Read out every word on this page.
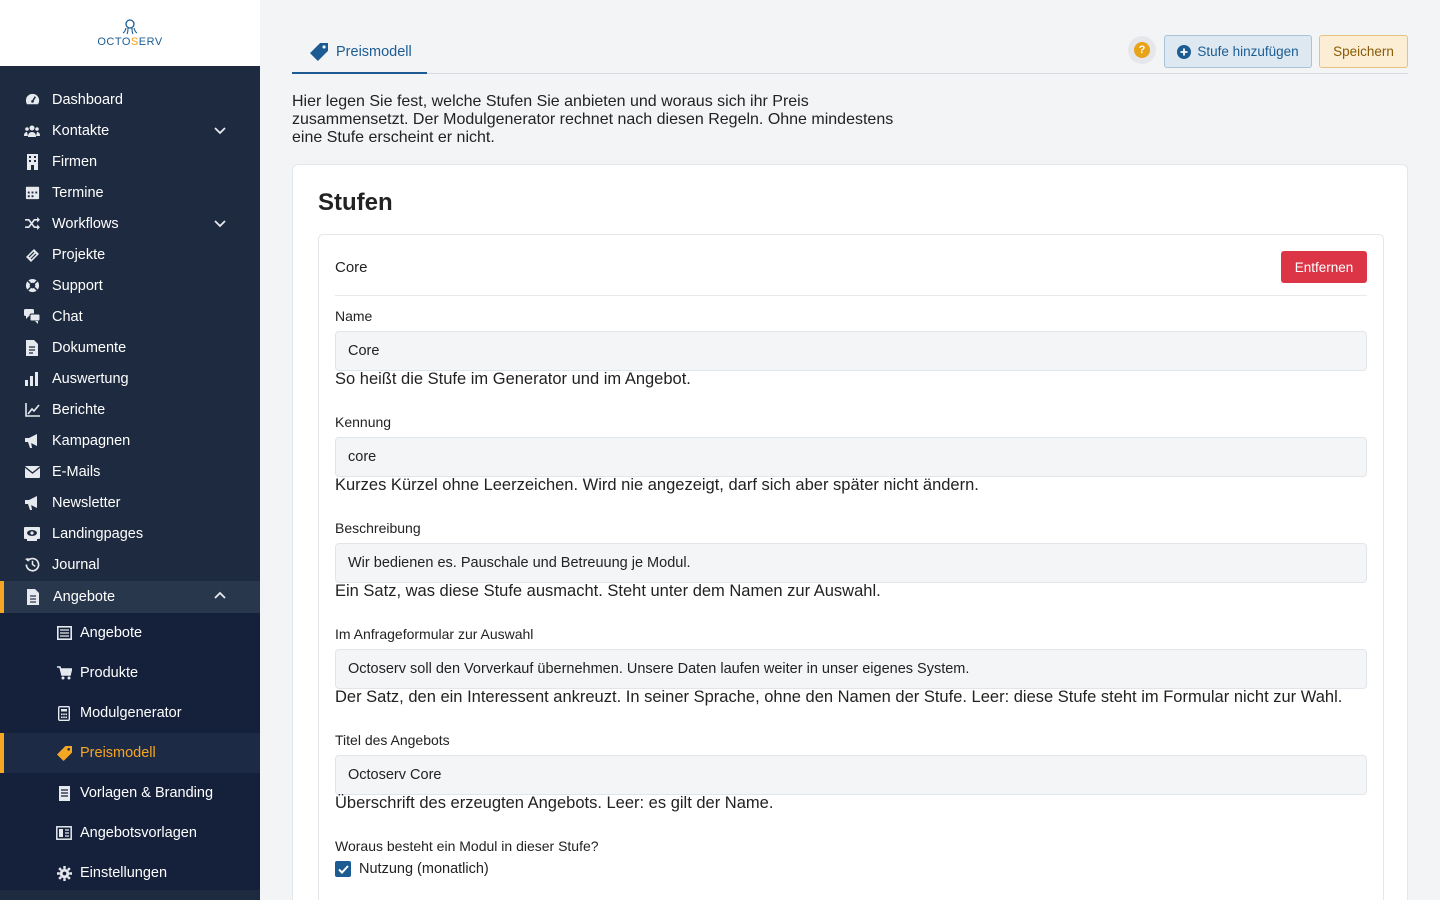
OCTOSERV
Dashboard
Kontakte
Firmen
Termine
Workflows
Projekte
Support
Chat
Dokumente
Auswertung
Berichte
Kampagnen
E-Mails
Newsletter
Landingpages
Journal
Angebote
Angebote
Produkte
Modulgenerator
Preismodell
Vorlagen & Branding
Angebotsvorlagen
Einstellungen
Preismodell	?	Stufe hinzufügen	Speichern

Hier legen Sie fest, welche Stufen Sie anbieten und woraus sich ihr Preis zusammensetzt. Der Modulgenerator rechnet nach diesen Regeln. Ohne mindestens eine Stufe erscheint er nicht.

Stufen
Core	Entfernen
Name
Core
So heißt die Stufe im Generator und im Angebot.
Kennung
core
Kurzes Kürzel ohne Leerzeichen. Wird nie angezeigt, darf sich aber später nicht ändern.
Beschreibung
Wir bedienen es. Pauschale und Betreuung je Modul.
Ein Satz, was diese Stufe ausmacht. Steht unter dem Namen zur Auswahl.
Im Anfrageformular zur Auswahl
Octoserv soll den Vorverkauf übernehmen. Unsere Daten laufen weiter in unser eigenes System.
Der Satz, den ein Interessent ankreuzt. In seiner Sprache, ohne den Namen der Stufe. Leer: diese Stufe steht im Formular nicht zur Wahl.
Titel des Angebots
Octoserv Core
Überschrift des erzeugten Angebots. Leer: es gilt der Name.
Woraus besteht ein Modul in dieser Stufe?
Nutzung (monatlich)
